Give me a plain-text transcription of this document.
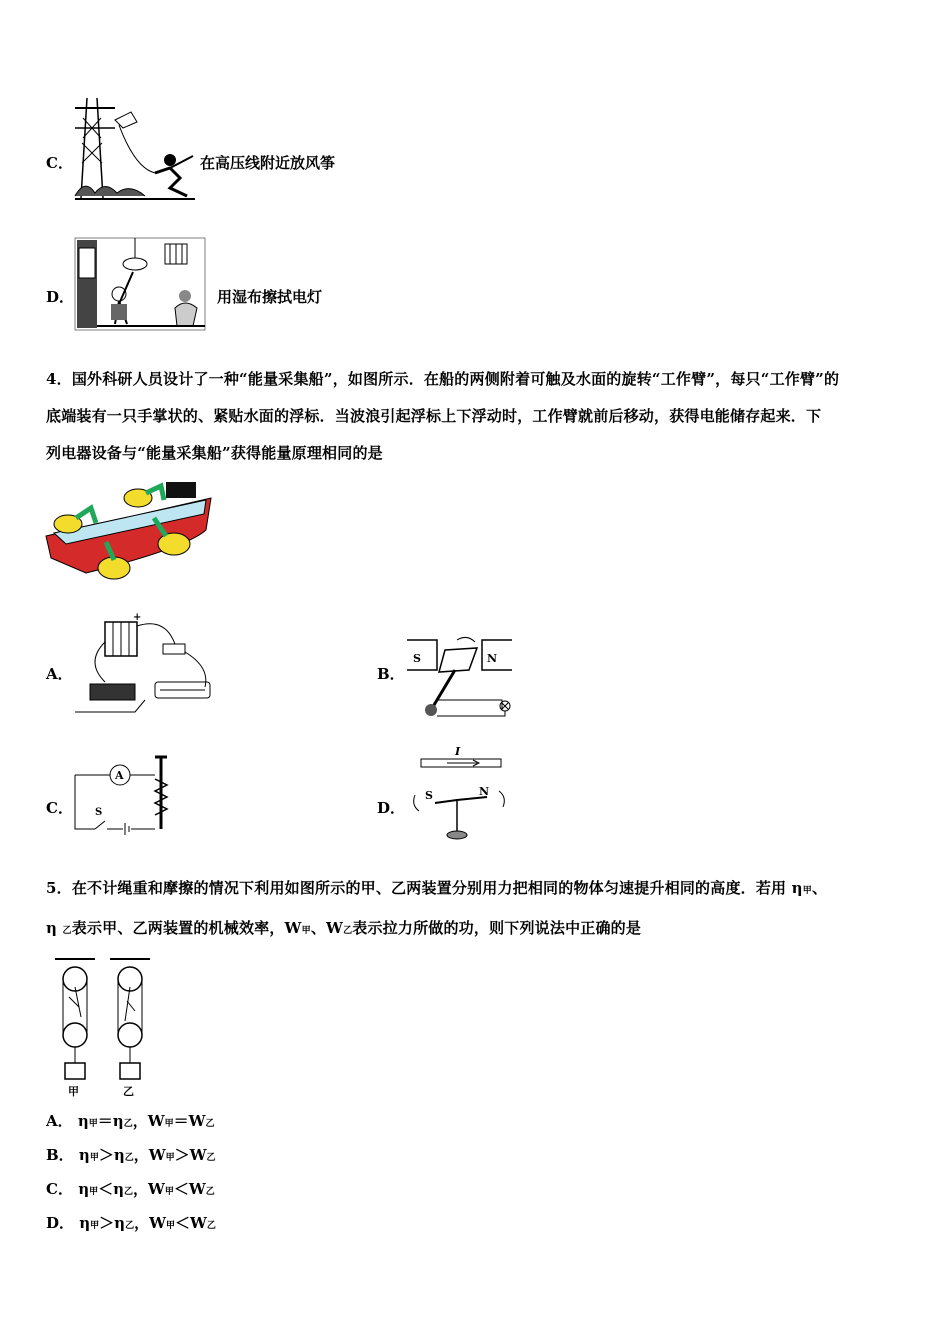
C．	在高压线附近放风筝
D．	用湿布擦拭电灯
4．国外科研人员设计了一种“能量采集船”，如图所示．在船的两侧附着可触及水面的旋转“工作臂”，每只“工作臂”的
底端装有一只手掌状的、紧贴水面的浮标．当波浪引起浮标上下浮动时，工作臂就前后移动，获得电能储存起来．下
列电器设备与“能量采集船”获得能量原理相同的是
A．
+
B．
S	N
C．
A
S	D．
I
S	N
5．在不计绳重和摩擦的情况下利用如图所示的甲、乙两装置分别用力把相同的物体匀速提升相同的高度．若用 η甲、
η 乙表示甲、乙两装置的机械效率，W甲、W乙表示拉力所做的功，则下列说法中正确的是
甲	乙
A． η甲＝η乙，W甲＝W乙
B． η甲＞η乙，W甲＞W乙
C． η甲＜η乙，W甲＜W乙
D． η甲＞η乙，W甲＜W乙
